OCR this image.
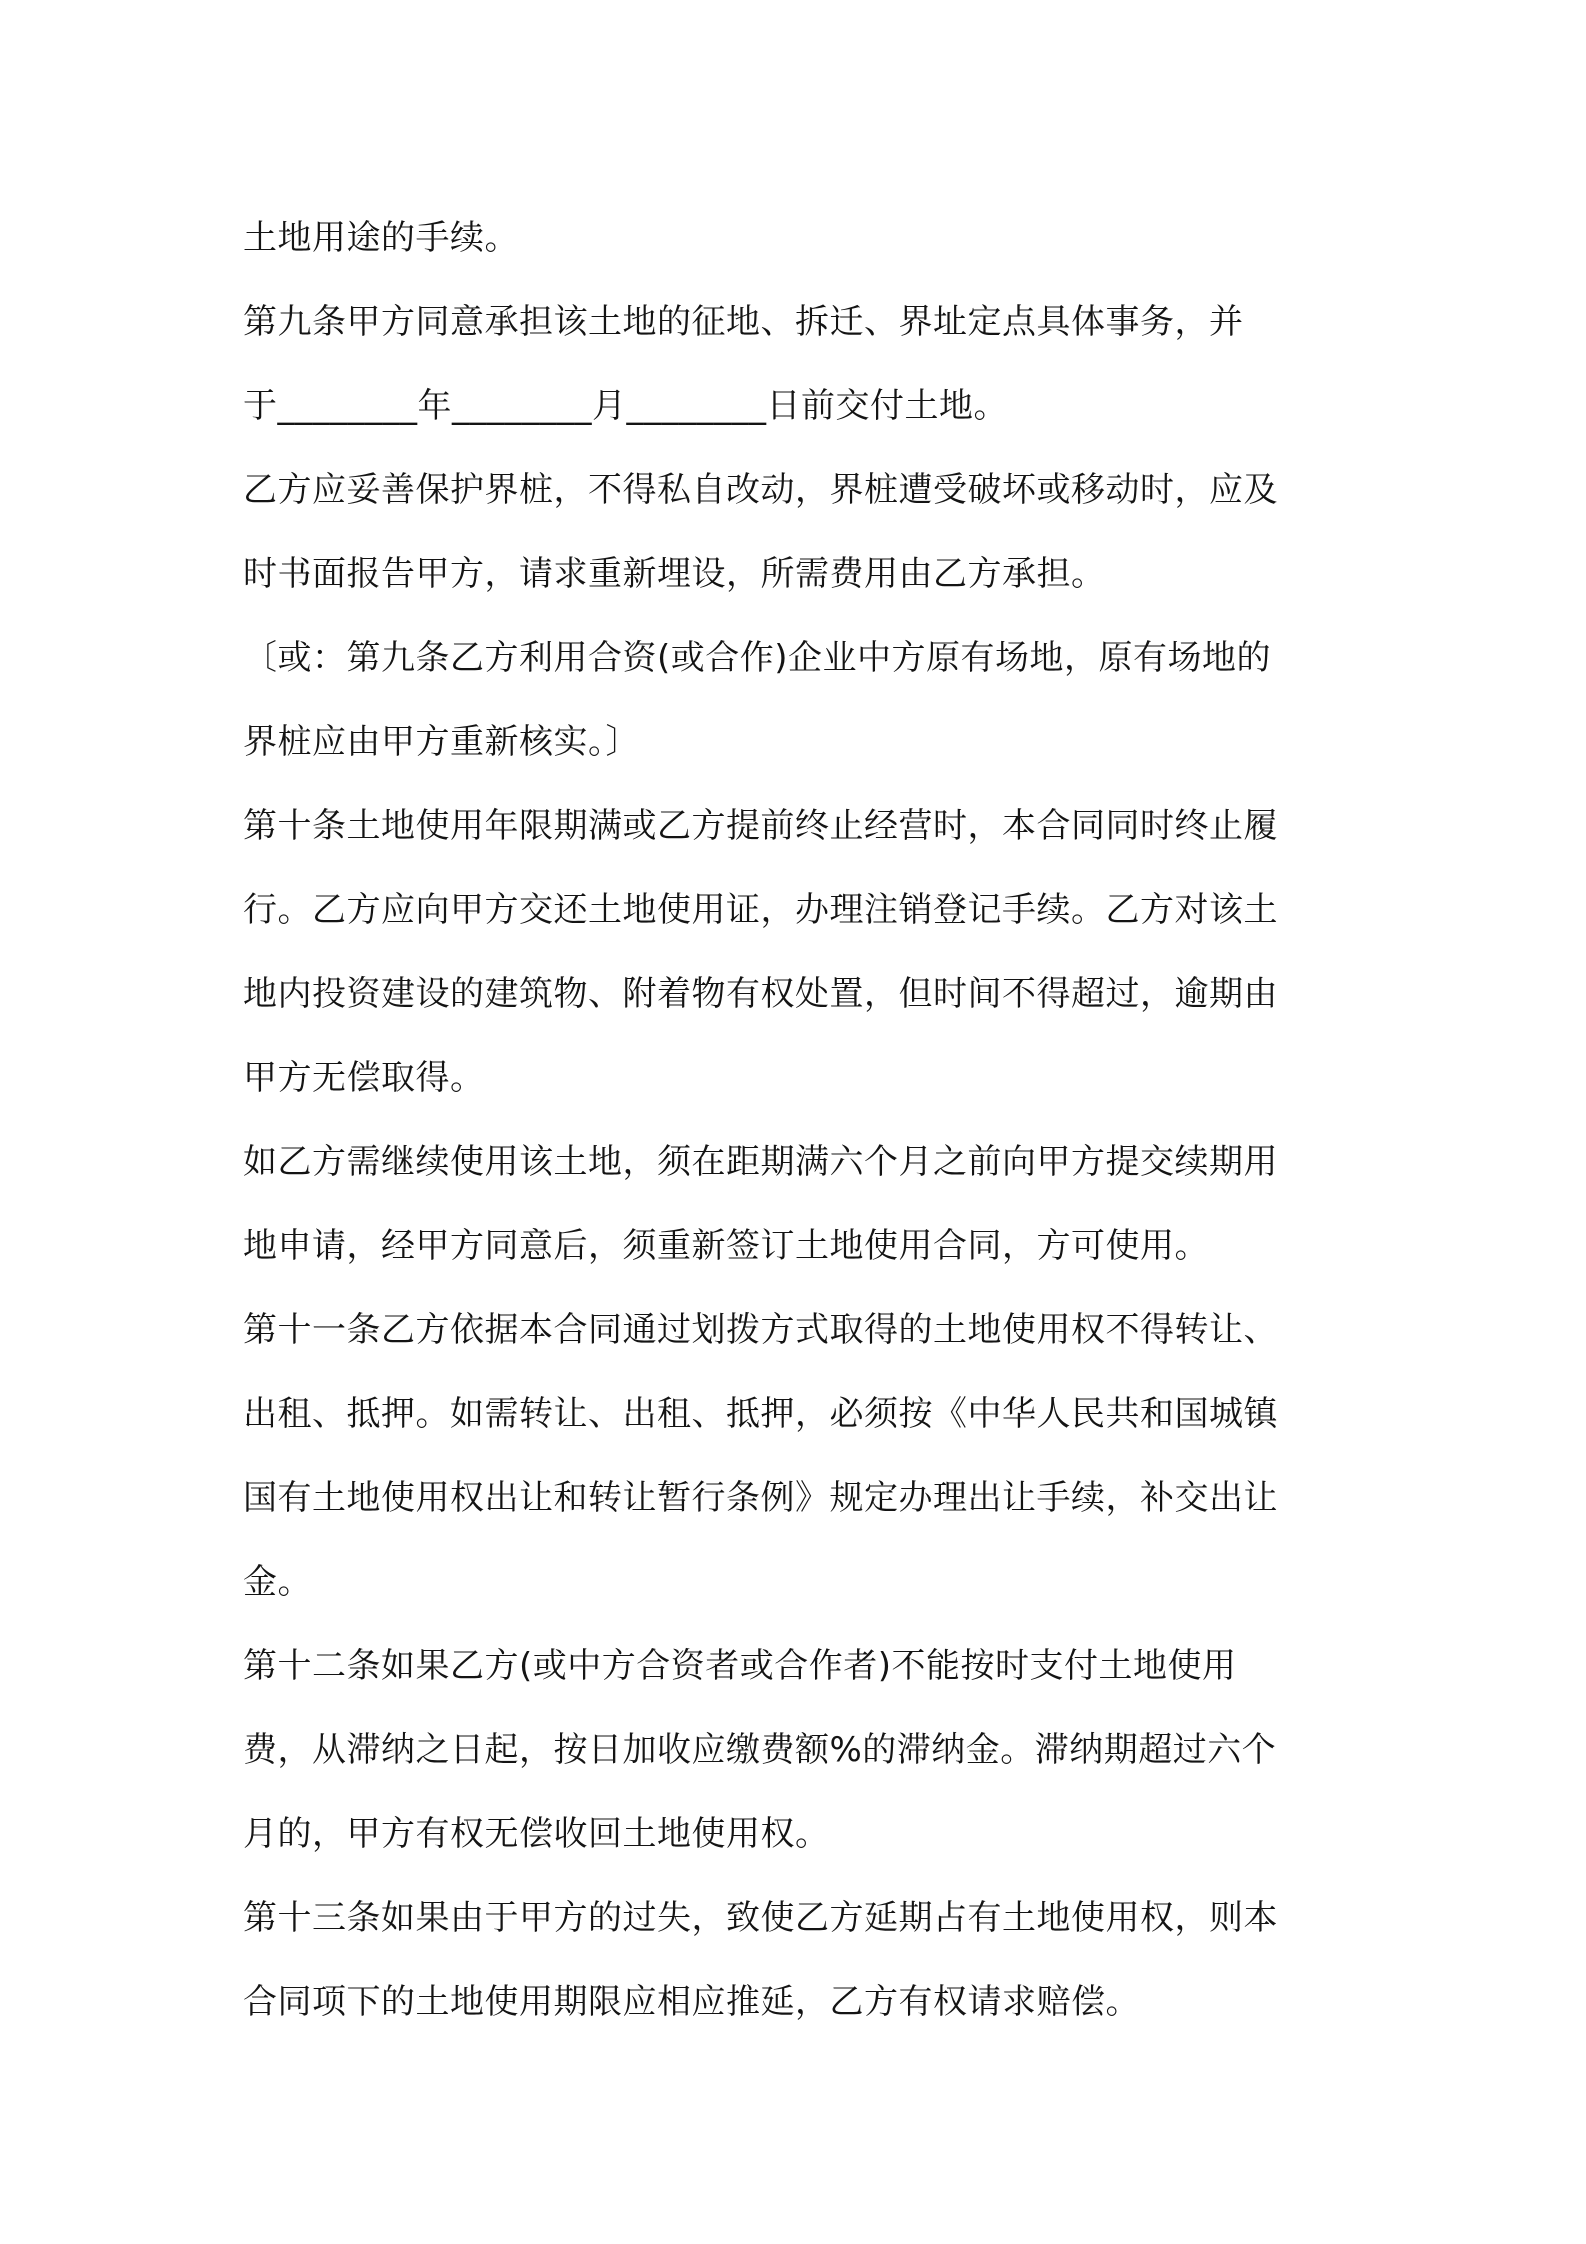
土地用途的手续。
第九条甲方同意承担该土地的征地、拆迁、界址定点具体事务，并
于________年________月________日前交付土地。
乙方应妥善保护界桩，不得私自改动，界桩遭受破坏或移动时，应及
时书面报告甲方，请求重新埋设，所需费用由乙方承担。
〔或：第九条乙方利用合资(或合作)企业中方原有场地，原有场地的
界桩应由甲方重新核实。〕
第十条土地使用年限期满或乙方提前终止经营时，本合同同时终止履
行。乙方应向甲方交还土地使用证，办理注销登记手续。乙方对该土
地内投资建设的建筑物、附着物有权处置，但时间不得超过，逾期由
甲方无偿取得。
如乙方需继续使用该土地，须在距期满六个月之前向甲方提交续期用
地申请，经甲方同意后，须重新签订土地使用合同，方可使用。
第十一条乙方依据本合同通过划拨方式取得的土地使用权不得转让、
出租、抵押。如需转让、出租、抵押，必须按《中华人民共和国城镇
国有土地使用权出让和转让暂行条例》规定办理出让手续，补交出让
金。
第十二条如果乙方(或中方合资者或合作者)不能按时支付土地使用
费，从滞纳之日起，按日加收应缴费额%的滞纳金。滞纳期超过六个
月的，甲方有权无偿收回土地使用权。
第十三条如果由于甲方的过失，致使乙方延期占有土地使用权，则本
合同项下的土地使用期限应相应推延，乙方有权请求赔偿。
